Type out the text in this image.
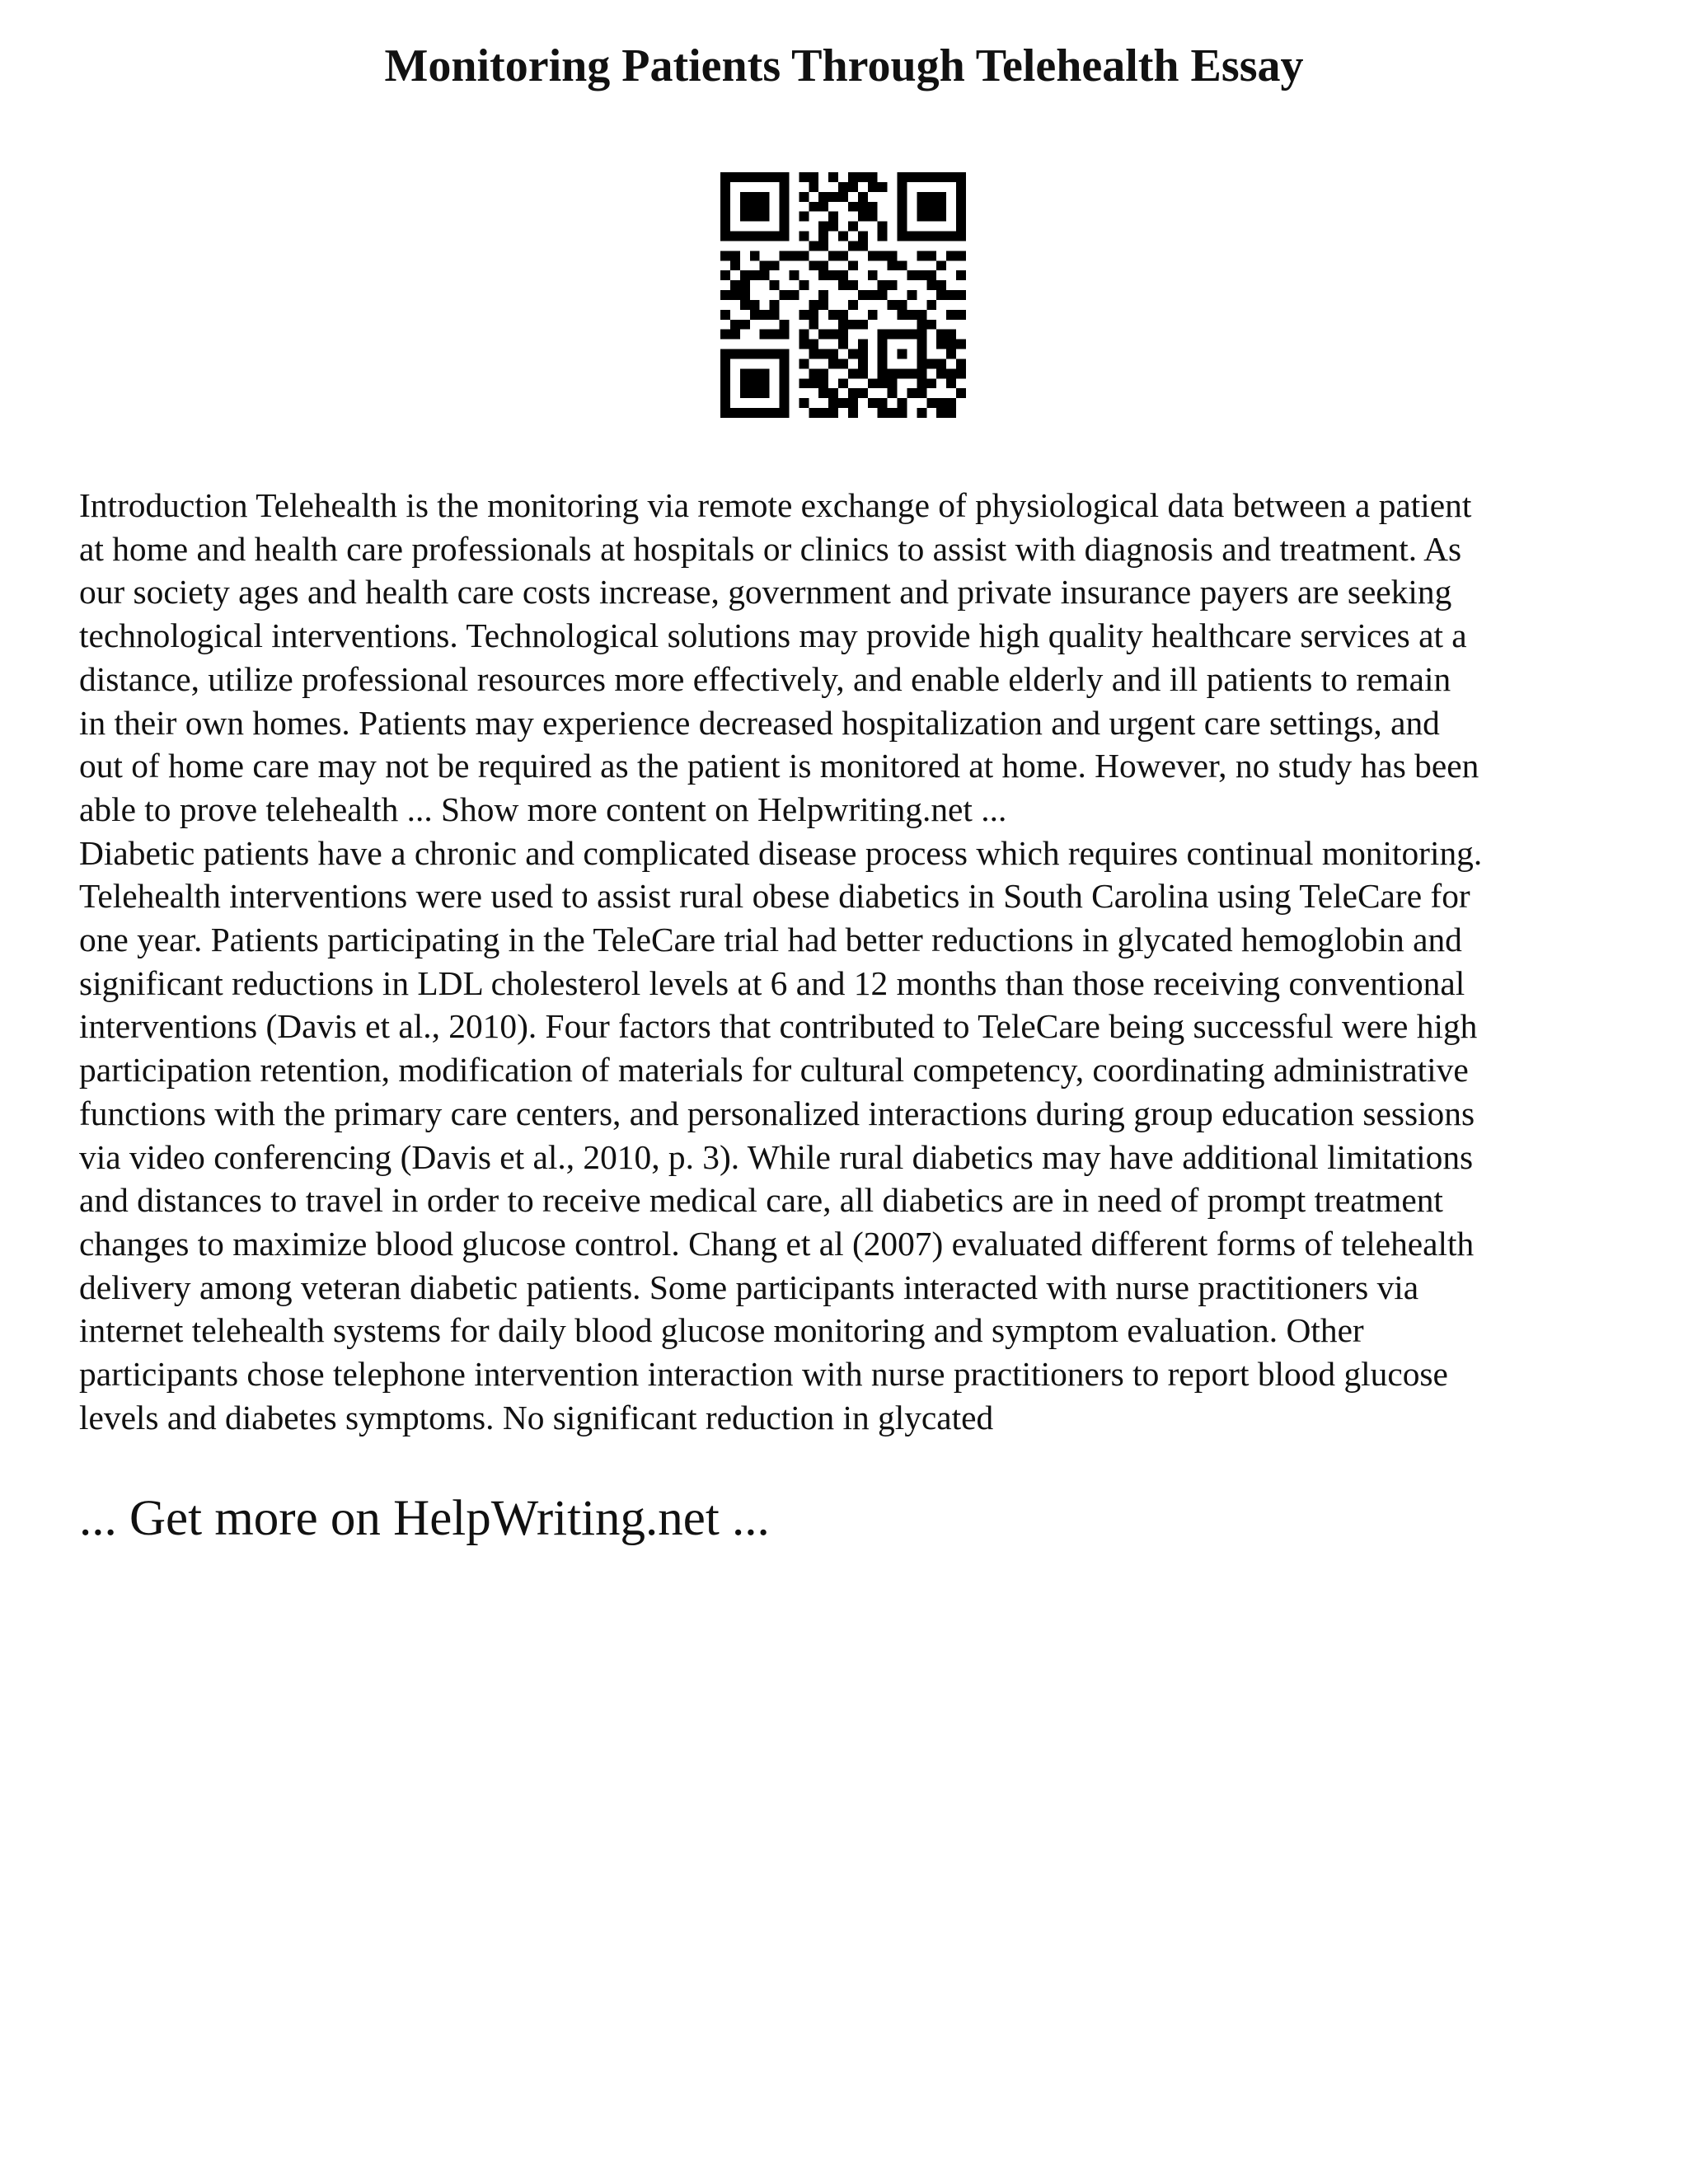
Monitoring Patients Through Telehealth Essay
Introduction Telehealth is the monitoring via remote exchange of physiological data between a patient
at home and health care professionals at hospitals or clinics to assist with diagnosis and treatment. As
our society ages and health care costs increase, government and private insurance payers are seeking
technological interventions. Technological solutions may provide high quality healthcare services at a
distance, utilize professional resources more effectively, and enable elderly and ill patients to remain
in their own homes. Patients may experience decreased hospitalization and urgent care settings, and
out of home care may not be required as the patient is monitored at home. However, no study has been
able to prove telehealth ... Show more content on Helpwriting.net ...
Diabetic patients have a chronic and complicated disease process which requires continual monitoring.
Telehealth interventions were used to assist rural obese diabetics in South Carolina using TeleCare for
one year. Patients participating in the TeleCare trial had better reductions in glycated hemoglobin and
significant reductions in LDL cholesterol levels at 6 and 12 months than those receiving conventional
interventions (Davis et al., 2010). Four factors that contributed to TeleCare being successful were high
participation retention, modification of materials for cultural competency, coordinating administrative
functions with the primary care centers, and personalized interactions during group education sessions
via video conferencing (Davis et al., 2010, p. 3). While rural diabetics may have additional limitations
and distances to travel in order to receive medical care, all diabetics are in need of prompt treatment
changes to maximize blood glucose control. Chang et al (2007) evaluated different forms of telehealth
delivery among veteran diabetic patients. Some participants interacted with nurse practitioners via
internet telehealth systems for daily blood glucose monitoring and symptom evaluation. Other
participants chose telephone intervention interaction with nurse practitioners to report blood glucose
levels and diabetes symptoms. No significant reduction in glycated

... Get more on HelpWriting.net ...
